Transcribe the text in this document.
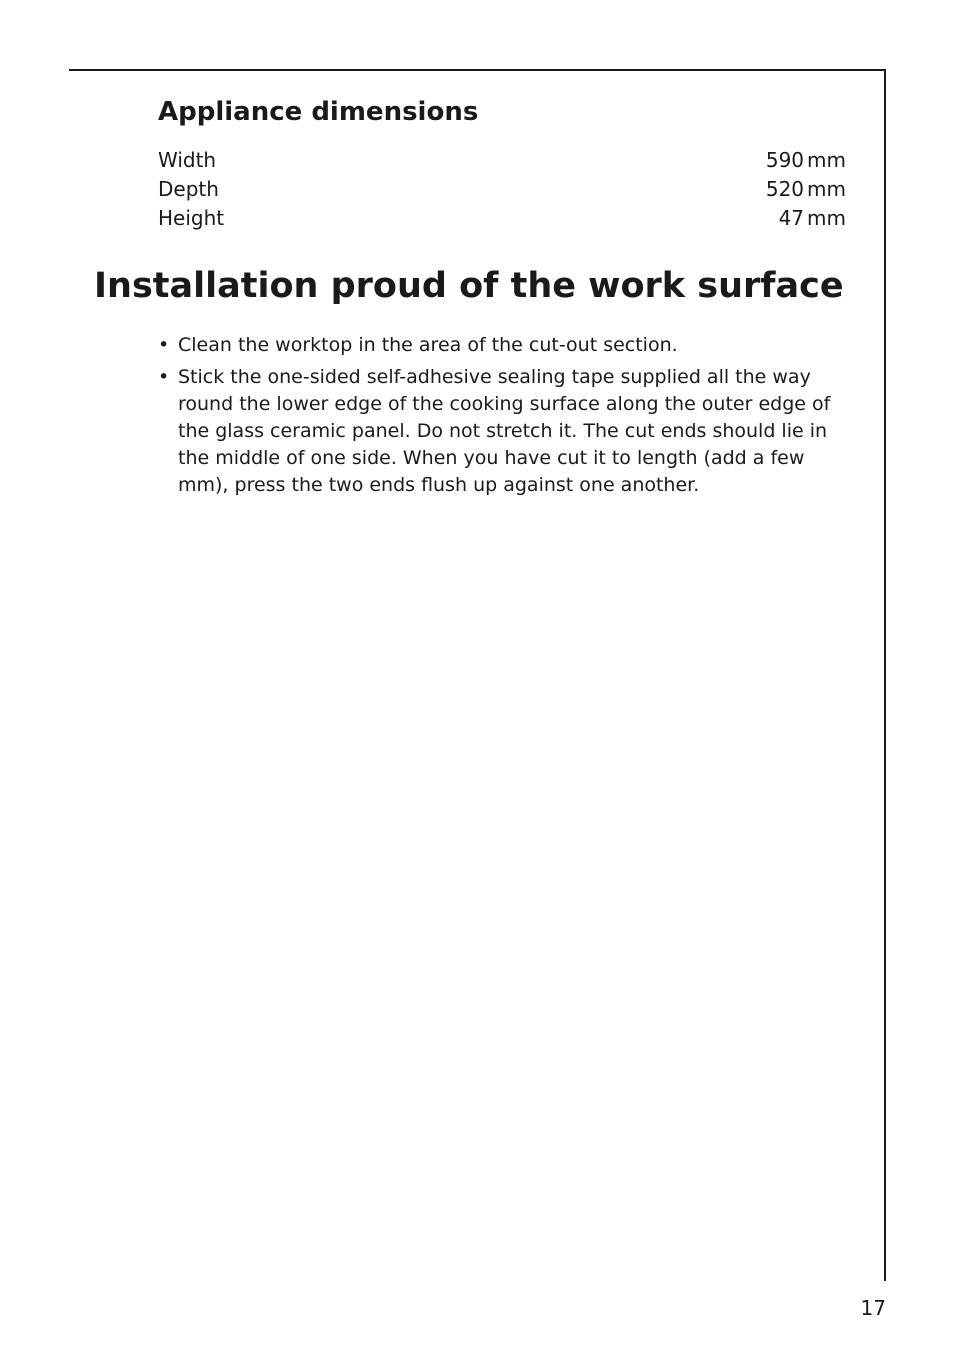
Appliance dimensions
Width	590 mm
Depth	520 mm
Height	47 mm
Installation proud of the work surface
• Clean the worktop in the area of the cut-out section.
• Stick the one-sided self-adhesive sealing tape supplied all the way round the lower edge of the cooking surface along the outer edge of the glass ceramic panel. Do not stretch it. The cut ends should lie in the middle of one side. When you have cut it to length (add a few mm), press the two ends flush up against one another.
17
